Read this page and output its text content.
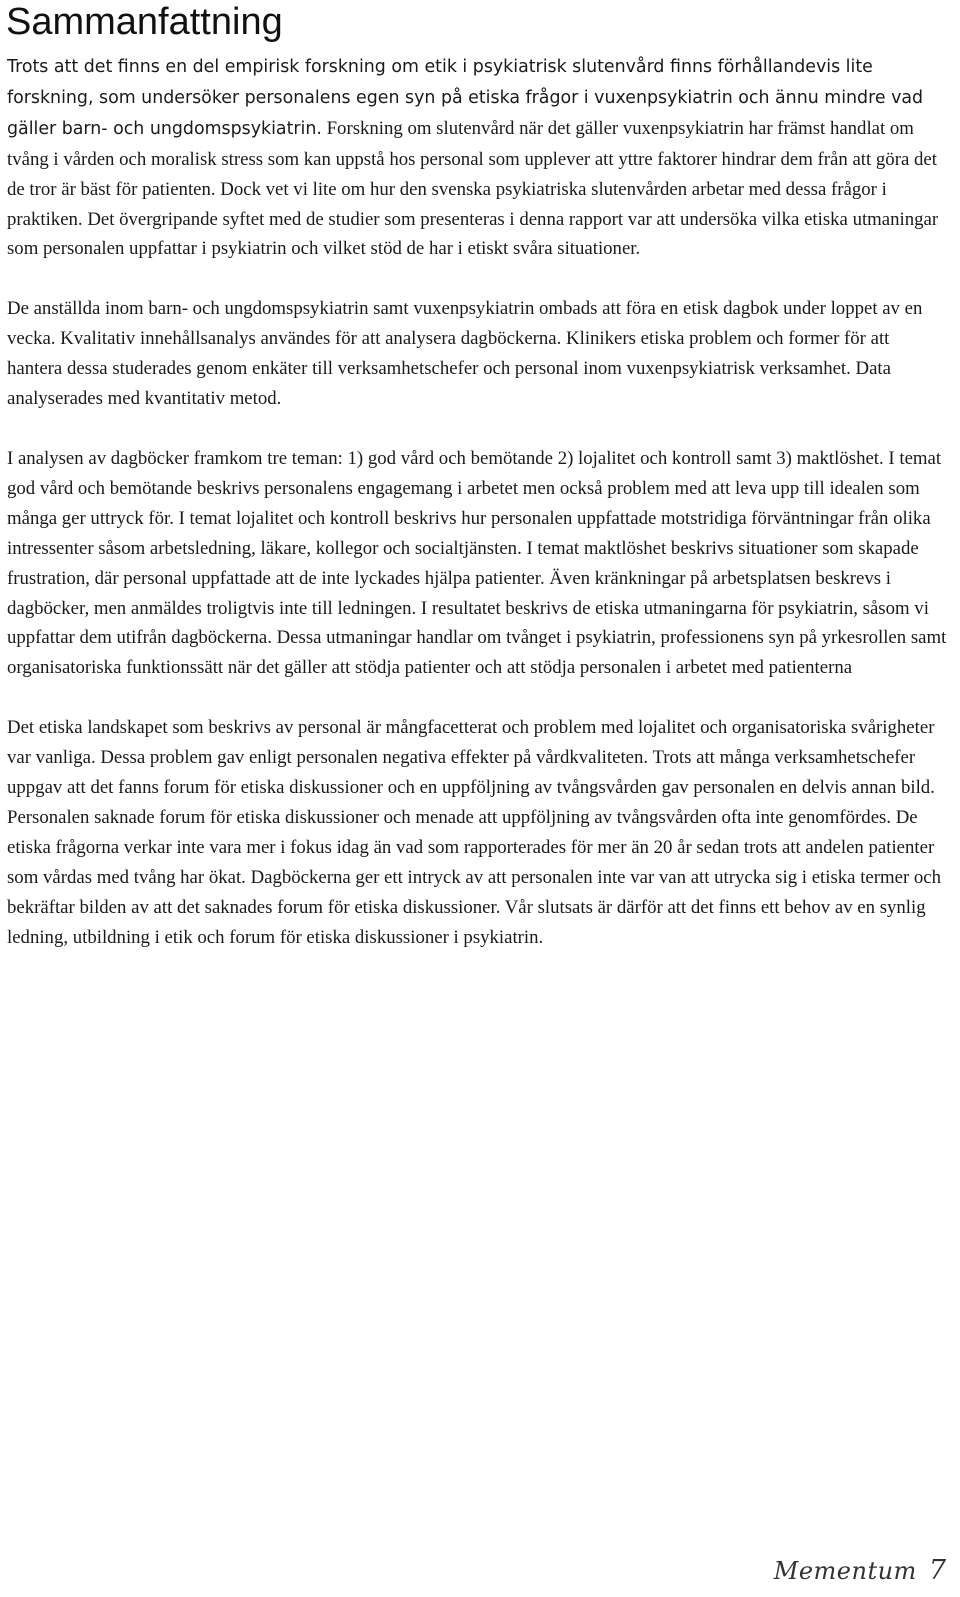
Sammanfattning

Trots att det finns en del empirisk forskning om etik i psykiatrisk slutenvård finns förhållandevis lite forskning, som undersöker personalens egen syn på etiska frågor i vuxenpsykiatrin och ännu mindre vad gäller barn- och ungdomspsykiatrin. Forskning om slutenvård när det gäller vuxenpsykiatrin har främst handlat om tvång i vården och moralisk stress som kan uppstå hos personal som upplever att yttre faktorer hindrar dem från att göra det de tror är bäst för patienten. Dock vet vi lite om hur den svenska psykiatriska slutenvården arbetar med dessa frågor i praktiken. Det övergripande syftet med de studier som presenteras i denna rapport var att undersöka vilka etiska utmaningar som personalen uppfattar i psykiatrin och vilket stöd de har i etiskt svåra situationer.

De anställda inom barn- och ungdomspsykiatrin samt vuxenpsykiatrin ombads att föra en etisk dagbok under loppet av en vecka. Kvalitativ innehållsanalys användes för att analysera dagböckerna. Klinikers etiska problem och former för att hantera dessa studerades genom enkäter till verksamhetschefer och personal inom vuxenpsykiatrisk verksamhet. Data analyserades med kvantitativ metod.

I analysen av dagböcker framkom tre teman: 1) god vård och bemötande 2) lojalitet och kontroll samt 3) maktlöshet. I temat god vård och bemötande beskrivs personalens engagemang i arbetet men också problem med att leva upp till idealen som många ger uttryck för. I temat lojalitet och kontroll beskrivs hur personalen uppfattade motstridiga förväntningar från olika intressenter såsom arbetsledning, läkare, kollegor och socialtjänsten. I temat maktlöshet beskrivs situationer som skapade frustration, där personal uppfattade att de inte lyckades hjälpa patienter. Även kränkningar på arbetsplatsen beskrevs i dagböcker, men anmäldes troligtvis inte till ledningen. I resultatet beskrivs de etiska utmaningarna för psykiatrin, såsom vi uppfattar dem utifrån dagböckerna. Dessa utmaningar handlar om tvånget i psykiatrin, professionens syn på yrkesrollen samt organisatoriska funktionssätt när det gäller att stödja patienter och att stödja personalen i arbetet med patienterna

Det etiska landskapet som beskrivs av personal är mångfacetterat och problem med lojalitet och organisatoriska svårigheter var vanliga. Dessa problem gav enligt personalen negativa effekter på vårdkvaliteten. Trots att många verksamhetschefer uppgav att det fanns forum för etiska diskussioner och en uppföljning av tvångsvården gav personalen en delvis annan bild. Personalen saknade forum för etiska diskussioner och menade att uppföljning av tvångsvården ofta inte genomfördes. De etiska frågorna verkar inte vara mer i fokus idag än vad som rapporterades för mer än 20 år sedan trots att andelen patienter som vårdas med tvång har ökat. Dagböckerna ger ett intryck av att personalen inte var van att utrycka sig i etiska termer och bekräftar bilden av att det saknades forum för etiska diskussioner. Vår slutsats är därför att det finns ett behov av en synlig ledning, utbildning i etik och forum för etiska diskussioner i psykiatrin.

Mementum 7
